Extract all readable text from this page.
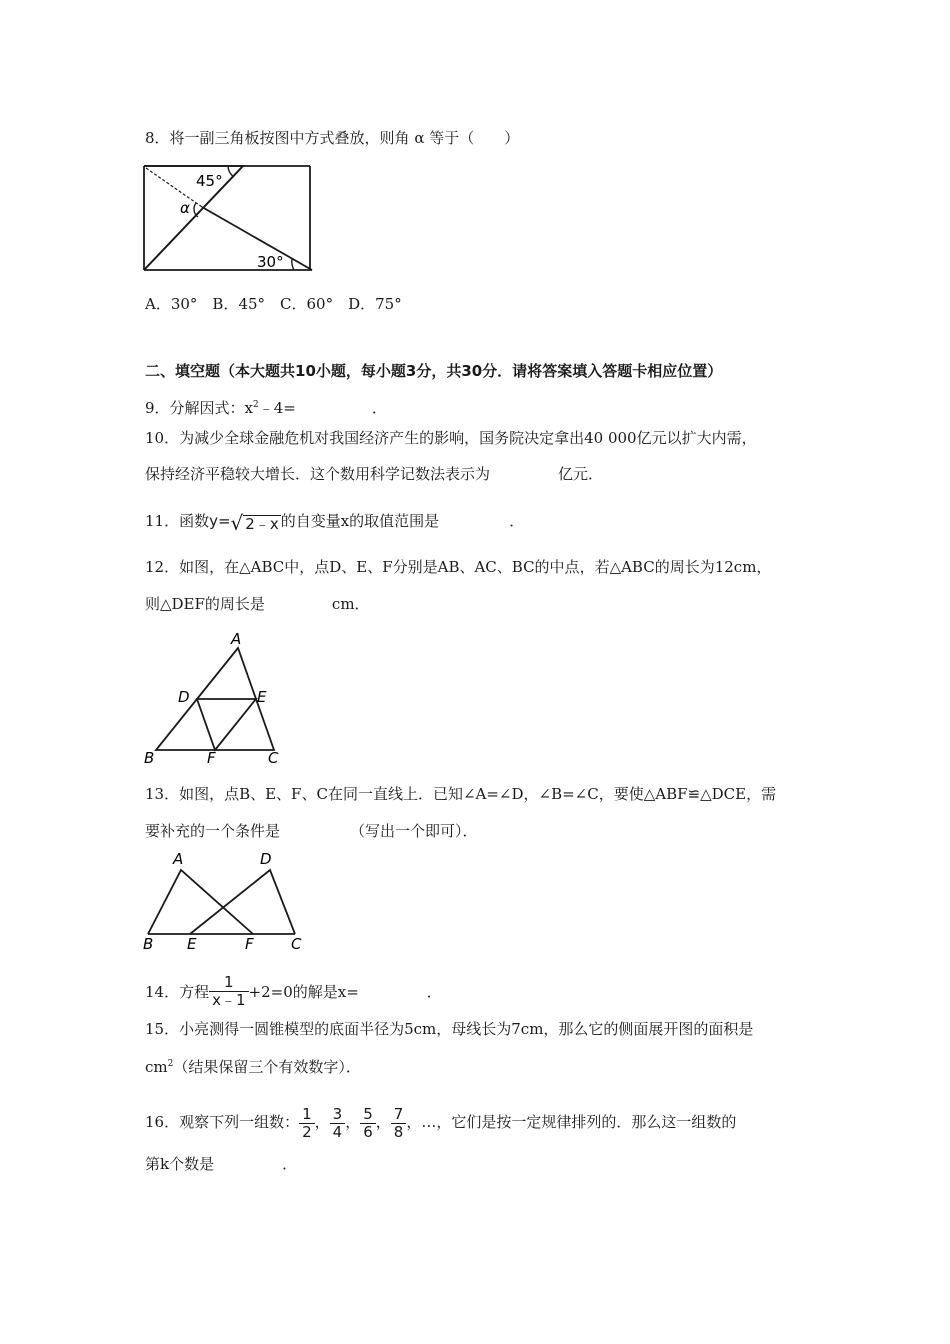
8．将一副三角板按图中方式叠放，则角 α 等于（　　）
45°
α
30°
A．30°　B．45°　C．60°　D．75°
二、填空题（本大题共10小题，每小题3分，共30分．请将答案填入答题卡相应位置）
9．分解因式：$x^2﹣4=$	．
10．为减少全球金融危机对我国经济产生的影响，国务院决定拿出40 000亿元以扩大内需，
保持经济平稳较大增长．这个数用科学记数法表示为	亿元．
11．函数y= √ 2﹣x 的自变量x的取值范围是	．
12．如图，在△ABC中，点D、E、F分别是AB、AC、BC的中点，若△ABC的周长为12cm，
则△DEF的周长是	cm．
A
D	E
B	F	C
13．如图，点B、E、F、C在同一直线上．已知∠A=∠D，∠B=∠C，要使△ABF≌△DCE，需
要补充的一个条件是	（写出一个即可）．
A	D
B E	F C
14．方程 $\frac{1}{x﹣1} +2=0$的解是x=	．
15．小亮测得一圆锥模型的底面半径为5cm，母线长为7cm，那么它的侧面展开图的面积是
$cm^2$（结果保留三个有效数字）．
16．观察下列一组数： $\frac{1}{2}$ ， $\frac{3}{4}$ ， $\frac{5}{6}$ ， $\frac{7}{8}$ ，…，它们是按一定规律排列的．那么这一组数的
第k个数是	．
